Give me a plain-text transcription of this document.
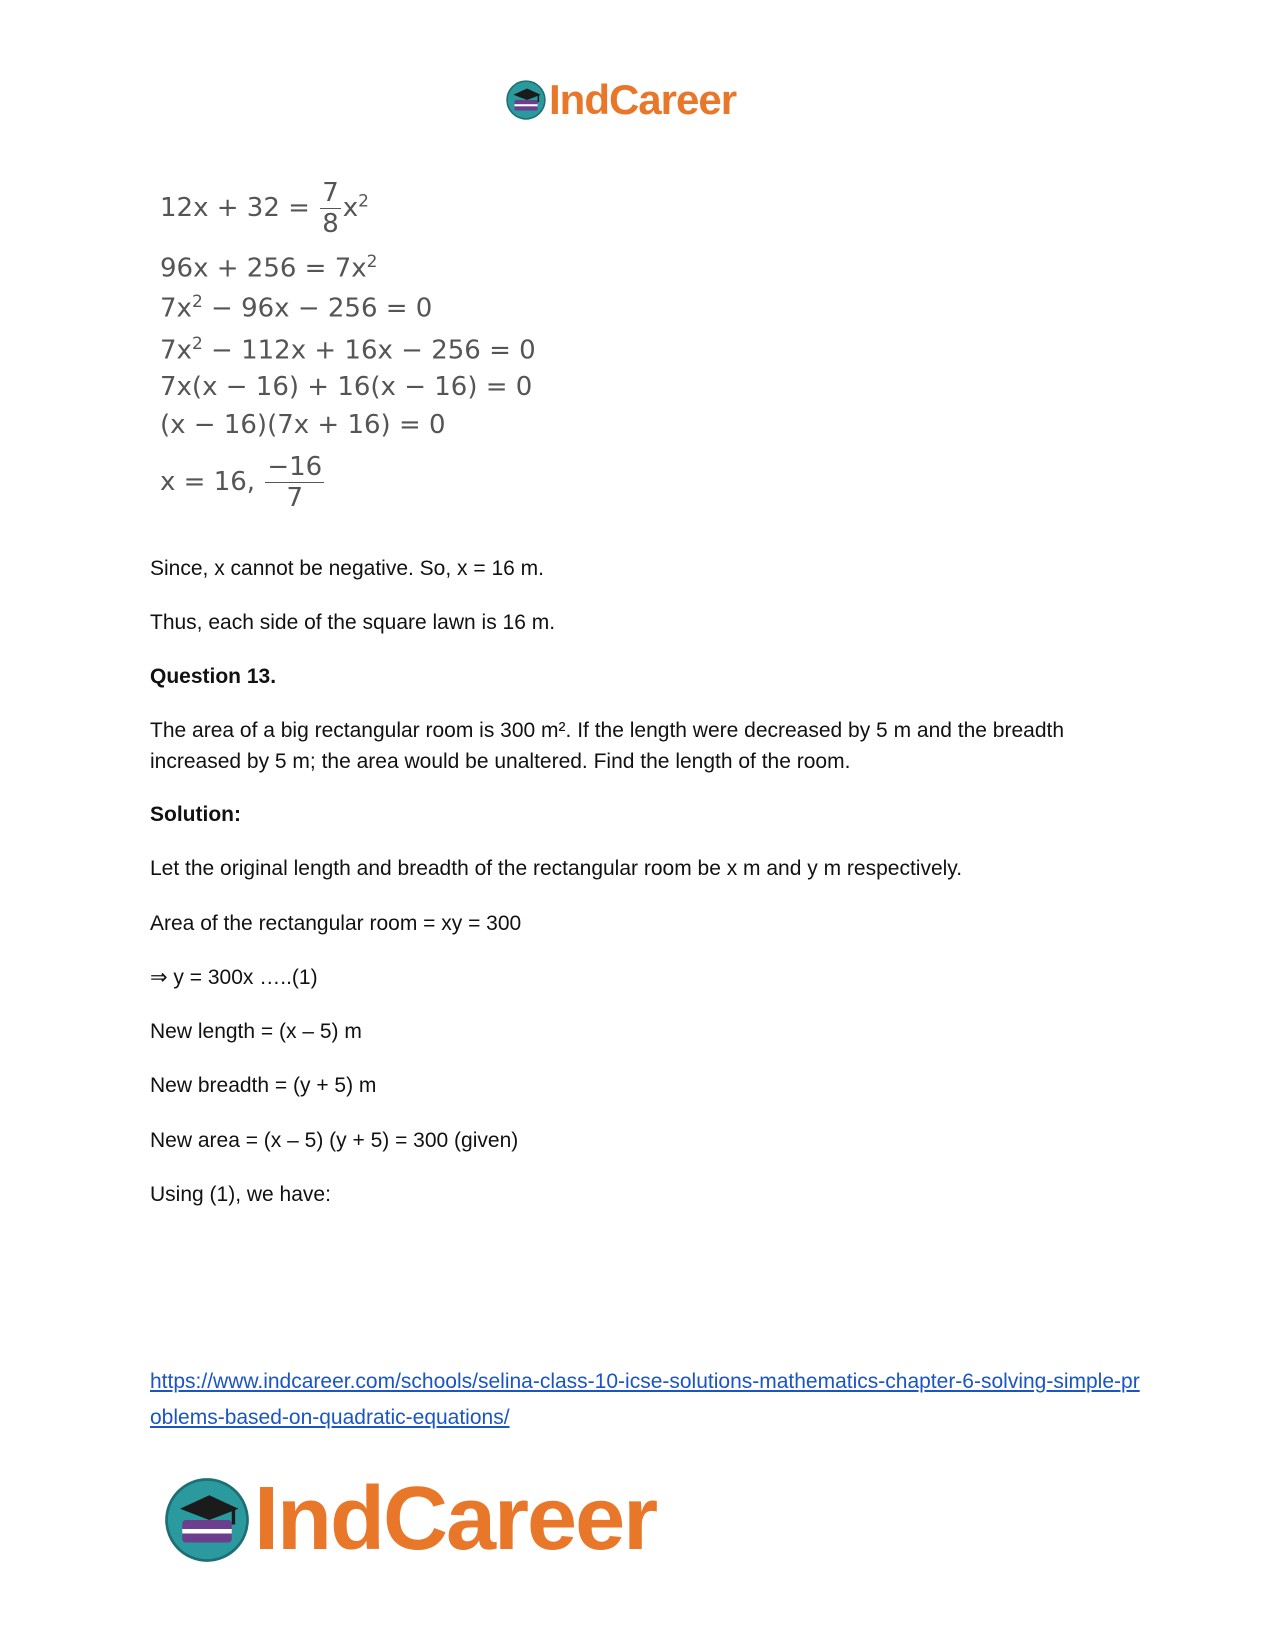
IndCareer
$12x + 32 = \frac{7}{8} x^2$
$96x + 256 = 7x^2$
$7x^2 - 96x - 256 = 0$
$7x^2 - 112x + 16x - 256 = 0$
7x(x − 16) + 16(x − 16) = 0
(x − 16)(7x + 16) = 0
x = 16, $\frac{-16}{7}$
Since, x cannot be negative. So, x = 16 m.
Thus, each side of the square lawn is 16 m.
Question 13.
The area of a big rectangular room is 300 m². If the length were decreased by 5 m and the breadth increased by 5 m; the area would be unaltered. Find the length of the room.
Solution:
Let the original length and breadth of the rectangular room be x m and y m respectively.
Area of the rectangular room = xy = 300
⇒ y = 300x …..(1)
New length = (x – 5) m
New breadth = (y + 5) m
New area = (x – 5) (y + 5) = 300 (given)
Using (1), we have:
https://www.indcareer.com/schools/selina-class-10-icse-solutions-mathematics-chapter-6-solving-simple-problems-based-on-quadratic-equations/
IndCareer
